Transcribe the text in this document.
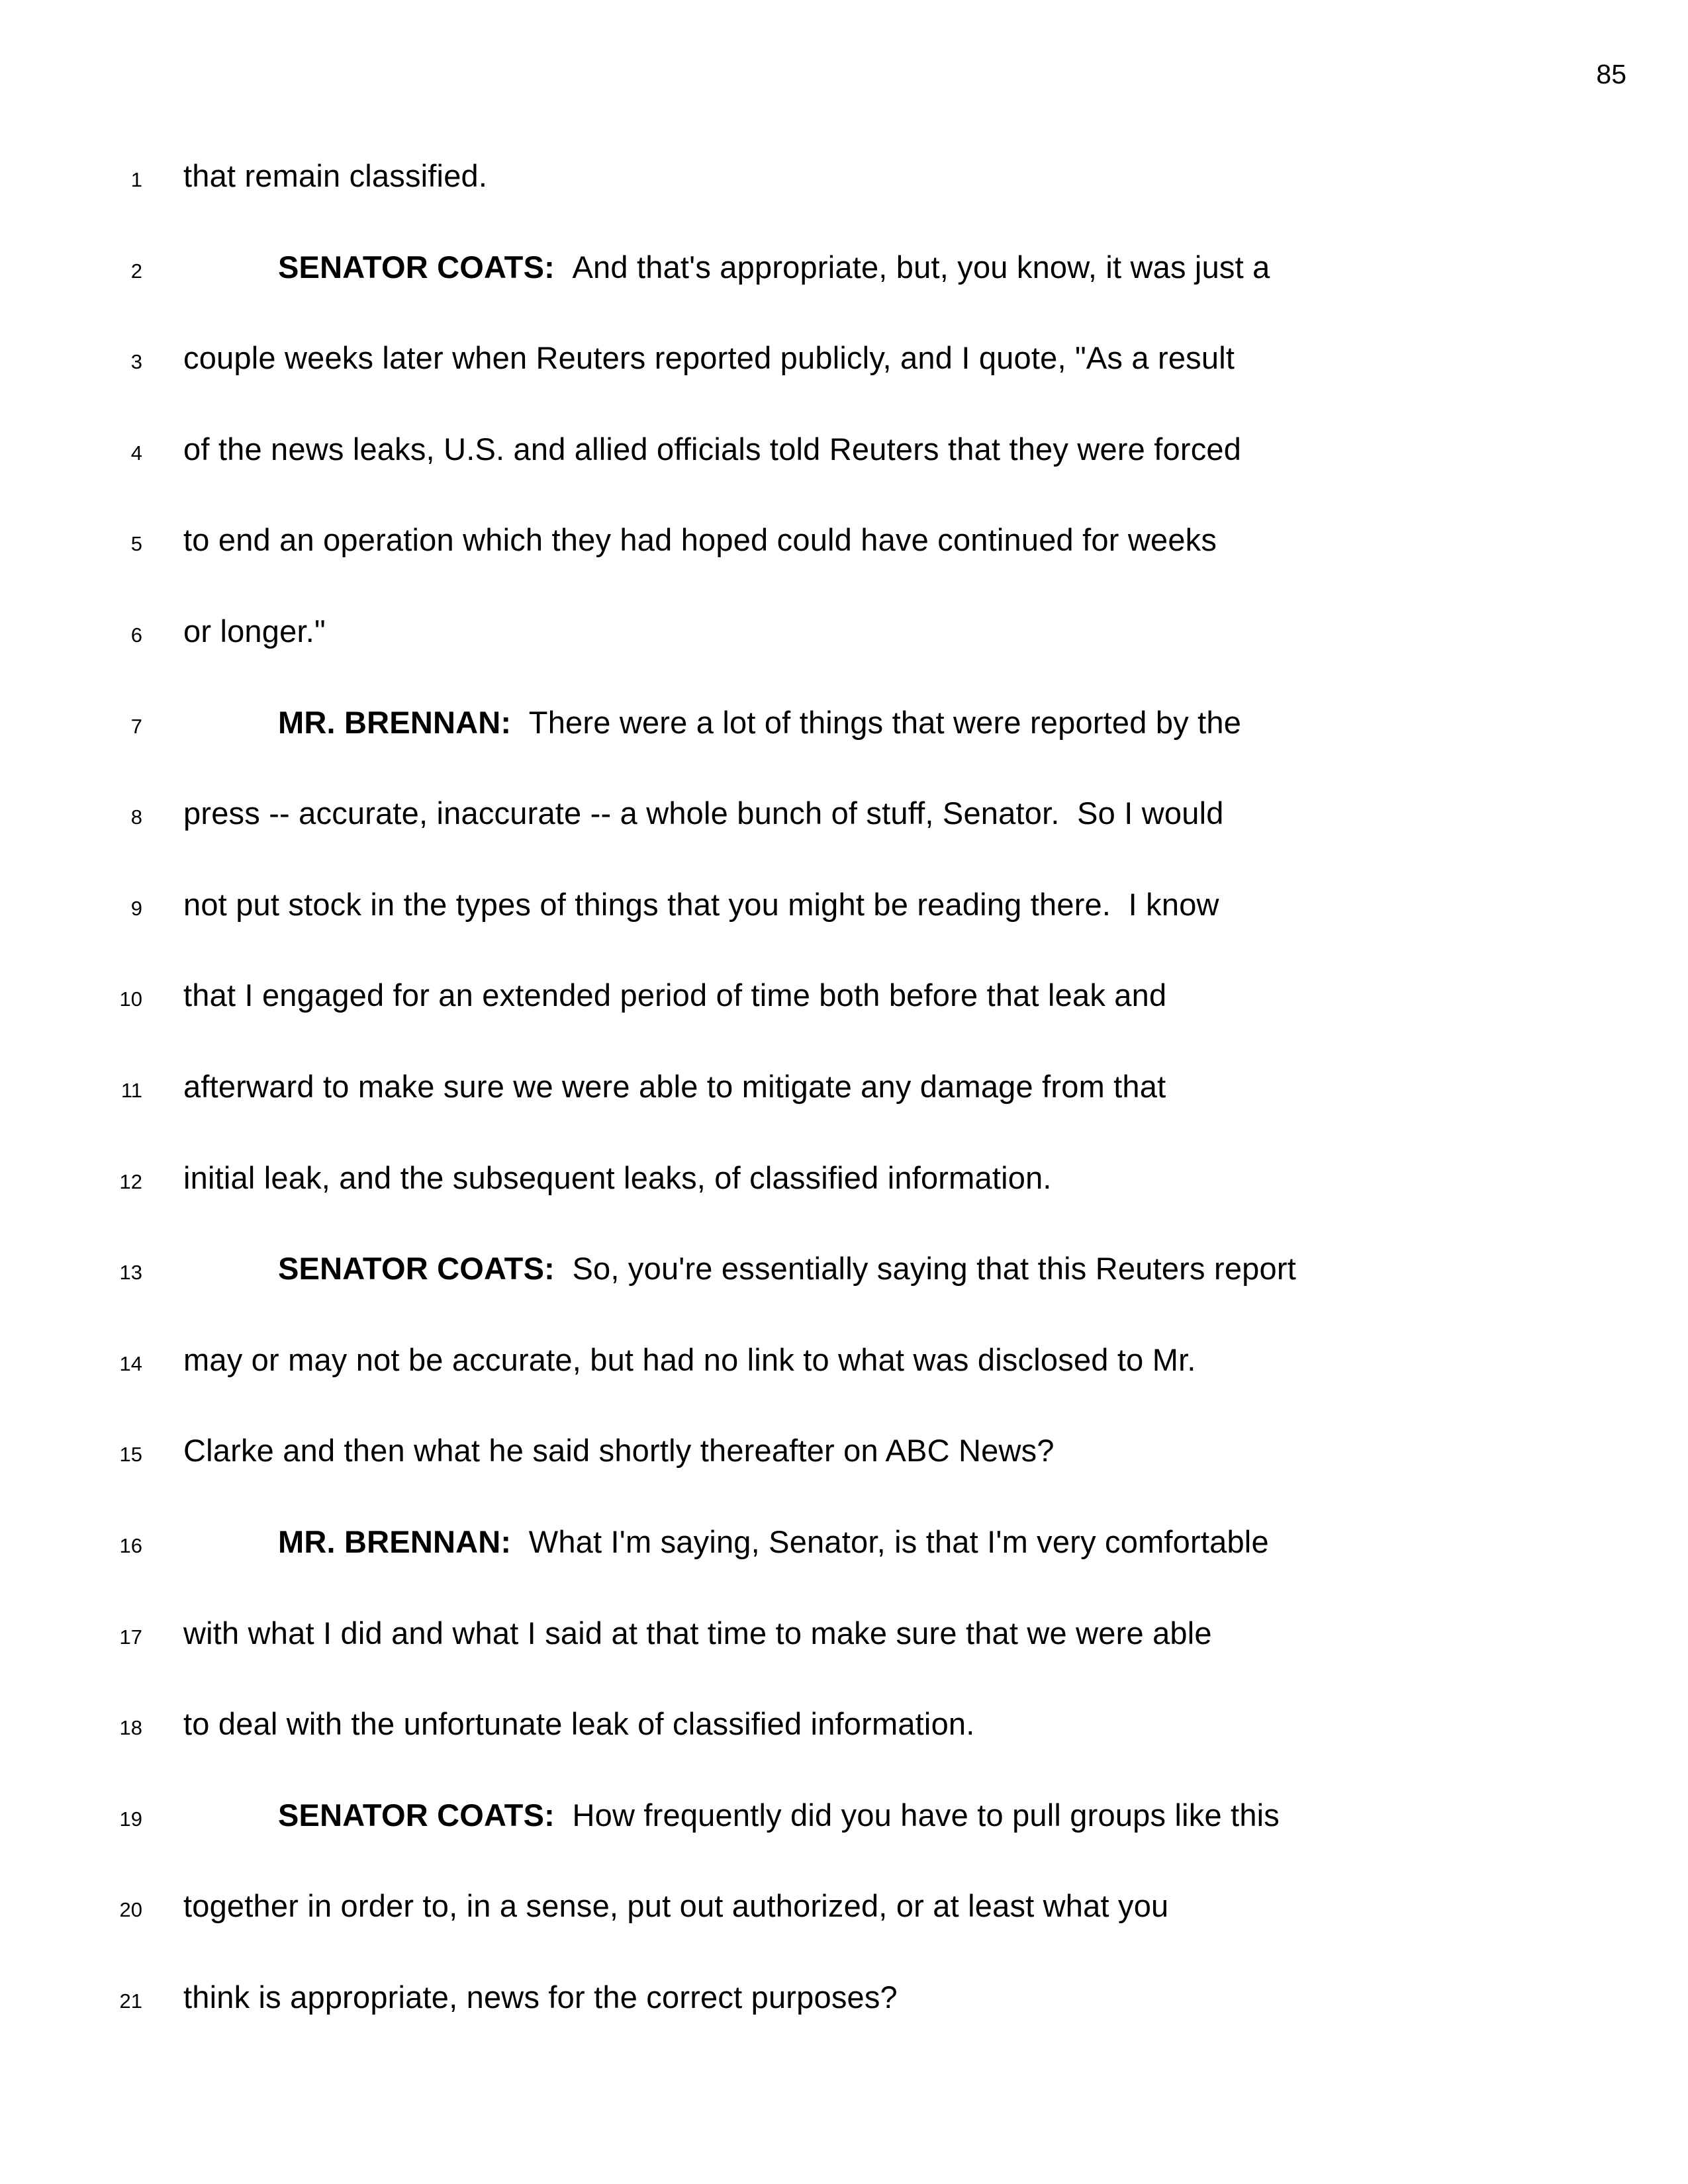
85
1 that remain classified.
2	SENATOR COATS:  And that's appropriate, but, you know, it was just a
3 couple weeks later when Reuters reported publicly, and I quote, "As a result
4 of the news leaks, U.S. and allied officials told Reuters that they were forced
5 to end an operation which they had hoped could have continued for weeks
6 or longer."
7	MR. BRENNAN:  There were a lot of things that were reported by the
8 press -- accurate, inaccurate -- a whole bunch of stuff, Senator.  So I would
9 not put stock in the types of things that you might be reading there.  I know
10 that I engaged for an extended period of time both before that leak and
11 afterward to make sure we were able to mitigate any damage from that
12 initial leak, and the subsequent leaks, of classified information.
13	SENATOR COATS:  So, you're essentially saying that this Reuters report
14 may or may not be accurate, but had no link to what was disclosed to Mr.
15 Clarke and then what he said shortly thereafter on ABC News?
16	MR. BRENNAN:  What I'm saying, Senator, is that I'm very comfortable
17 with what I did and what I said at that time to make sure that we were able
18 to deal with the unfortunate leak of classified information.
19	SENATOR COATS:  How frequently did you have to pull groups like this
20 together in order to, in a sense, put out authorized, or at least what you
21 think is appropriate, news for the correct purposes?
